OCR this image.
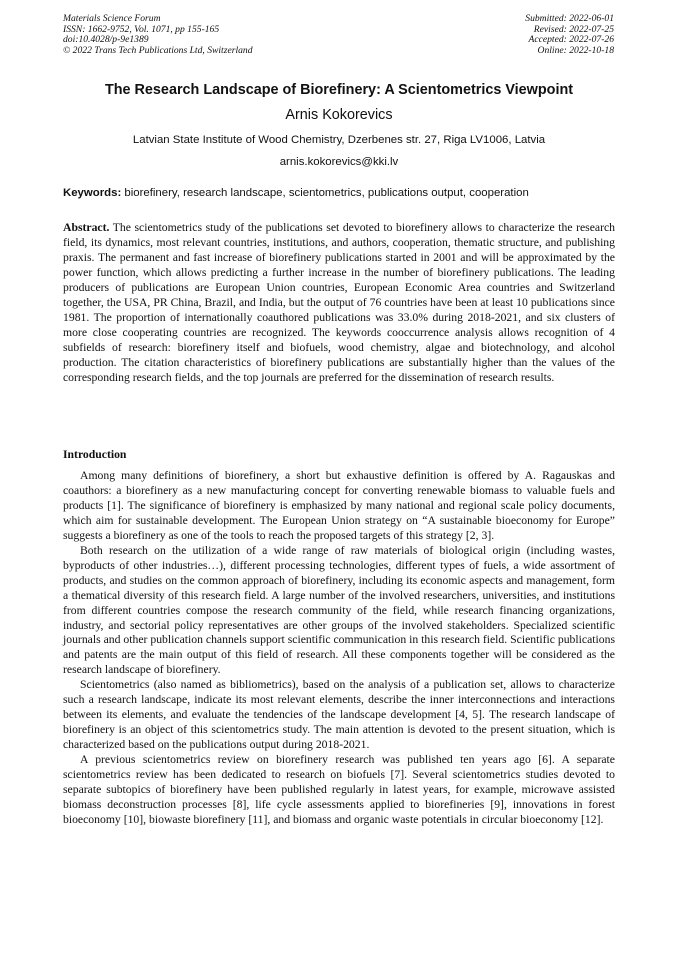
Materials Science Forum
ISSN: 1662-9752, Vol. 1071, pp 155-165
doi:10.4028/p-9e1389
© 2022 Trans Tech Publications Ltd, Switzerland
Submitted: 2022-06-01
Revised: 2022-07-25
Accepted: 2022-07-26
Online: 2022-10-18
The Research Landscape of Biorefinery: A Scientometrics Viewpoint
Arnis Kokorevics
Latvian State Institute of Wood Chemistry, Dzerbenes str. 27, Riga LV1006, Latvia
arnis.kokorevics@kki.lv
Keywords: biorefinery, research landscape, scientometrics, publications output, cooperation
Abstract. The scientometrics study of the publications set devoted to biorefinery allows to characterize the research field, its dynamics, most relevant countries, institutions, and authors, cooperation, thematic structure, and publishing praxis. The permanent and fast increase of biorefinery publications started in 2001 and will be approximated by the power function, which allows predicting a further increase in the number of biorefinery publications. The leading producers of publications are European Union countries, European Economic Area countries and Switzerland together, the USA, PR China, Brazil, and India, but the output of 76 countries have been at least 10 publications since 1981. The proportion of internationally coauthored publications was 33.0% during 2018-2021, and six clusters of more close cooperating countries are recognized. The keywords cooccurrence analysis allows recognition of 4 subfields of research: biorefinery itself and biofuels, wood chemistry, algae and biotechnology, and alcohol production. The citation characteristics of biorefinery publications are substantially higher than the values of the corresponding research fields, and the top journals are preferred for the dissemination of research results.
Introduction

Among many definitions of biorefinery, a short but exhaustive definition is offered by A. Ragauskas and coauthors: a biorefinery as a new manufacturing concept for converting renewable biomass to valuable fuels and products [1]. The significance of biorefinery is emphasized by many national and regional scale policy documents, which aim for sustainable development. The European Union strategy on “A sustainable bioeconomy for Europe” suggests a biorefinery as one of the tools to reach the proposed targets of this strategy [2, 3].

Both research on the utilization of a wide range of raw materials of biological origin (including wastes, byproducts of other industries…), different processing technologies, different types of fuels, a wide assortment of products, and studies on the common approach of biorefinery, including its economic aspects and management, form a thematical diversity of this research field. A large number of the involved researchers, universities, and institutions from different countries compose the research community of the field, while research financing organizations, industry, and sectorial policy representatives are other groups of the involved stakeholders. Specialized scientific journals and other publication channels support scientific communication in this research field. Scientific publications and patents are the main output of this field of research. All these components together will be considered as the research landscape of biorefinery.

Scientometrics (also named as bibliometrics), based on the analysis of a publication set, allows to characterize such a research landscape, indicate its most relevant elements, describe the inner interconnections and interactions between its elements, and evaluate the tendencies of the landscape development [4, 5]. The research landscape of biorefinery is an object of this scientometrics study. The main attention is devoted to the present situation, which is characterized based on the publications output during 2018-2021.

A previous scientometrics review on biorefinery research was published ten years ago [6]. A separate scientometrics review has been dedicated to research on biofuels [7]. Several scientometrics studies devoted to separate subtopics of biorefinery have been published regularly in latest years, for example, microwave assisted biomass deconstruction processes [8], life cycle assessments applied to biorefineries [9], innovations in forest bioeconomy [10], biowaste biorefinery [11], and biomass and organic waste potentials in circular bioeconomy [12].
